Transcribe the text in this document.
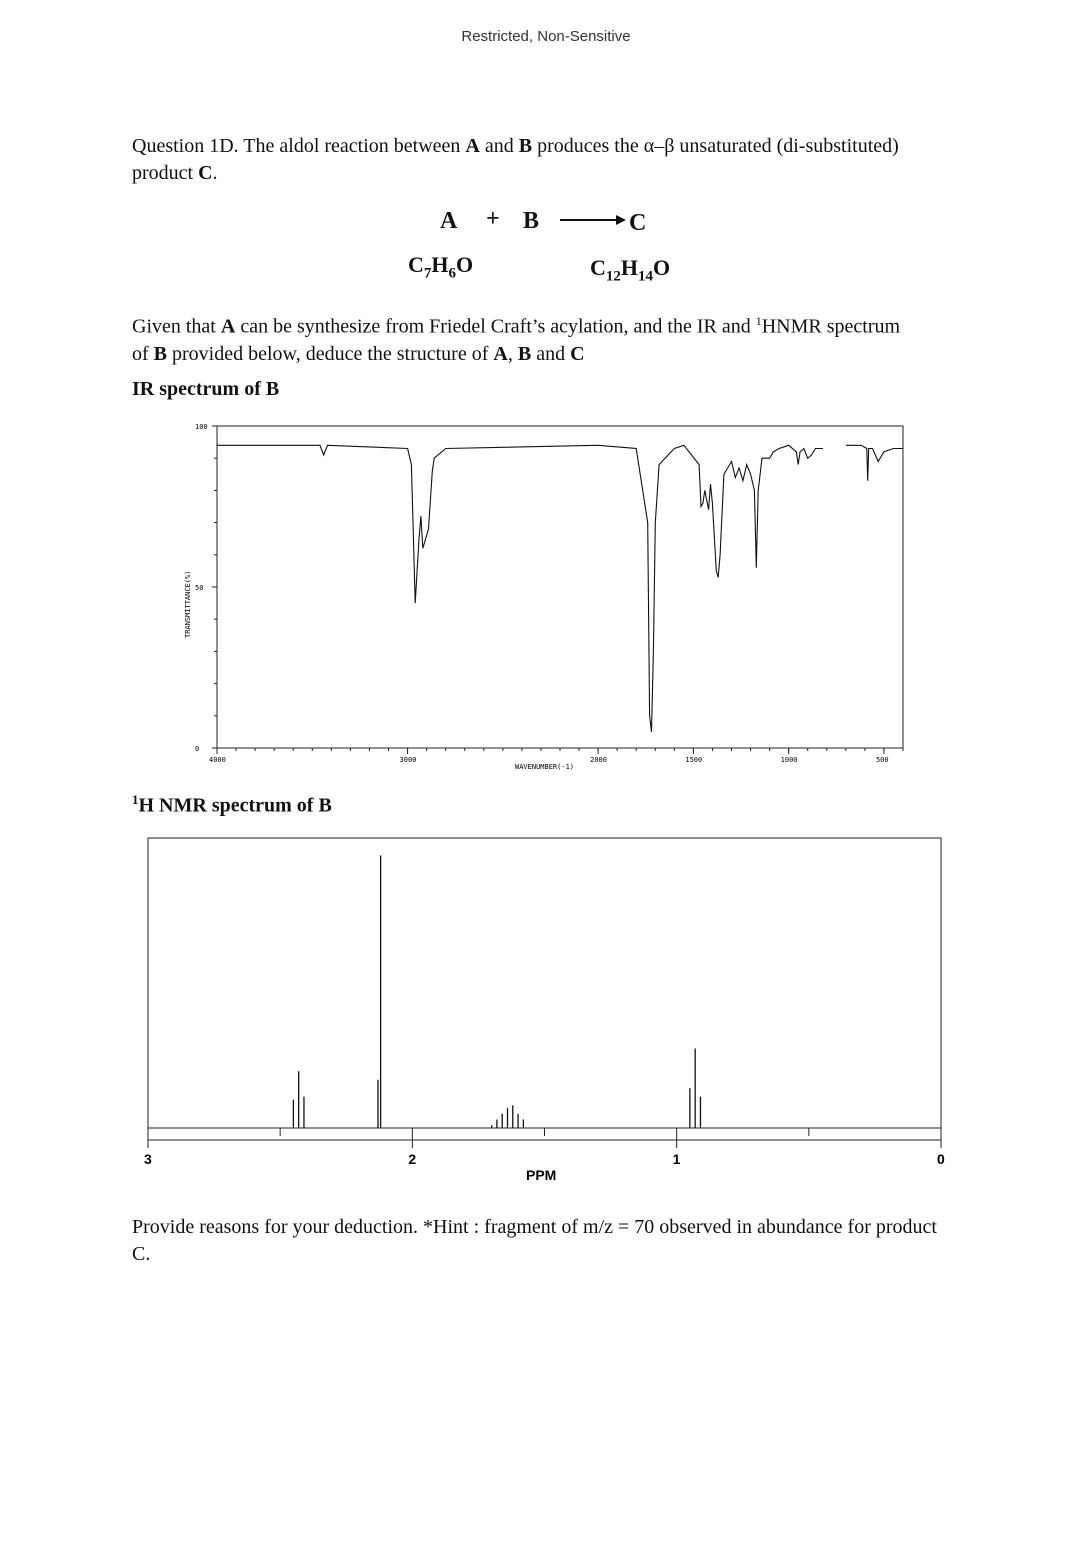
Restricted, Non-Sensitive
Question 1D. The aldol reaction between A and B produces the α–β unsaturated (di-substituted) product C.
A + B	C
$C_7H_6O$	$C_{12}H_{14}O$
Given that A can be synthesize from Friedel Craft’s acylation, and the IR and $^1$HNMR spectrum of B provided below, deduce the structure of A, B and C
IR spectrum of B
4000	3000	2000	1500	1000	500
100
50
0
TRANSMITTANCE(%)
WAVENUMBER(-1)
$^1$H NMR spectrum of B
3	2	1	0
PPM
Provide reasons for your deduction. *Hint : fragment of m/z = 70 observed in abundance for product C.
